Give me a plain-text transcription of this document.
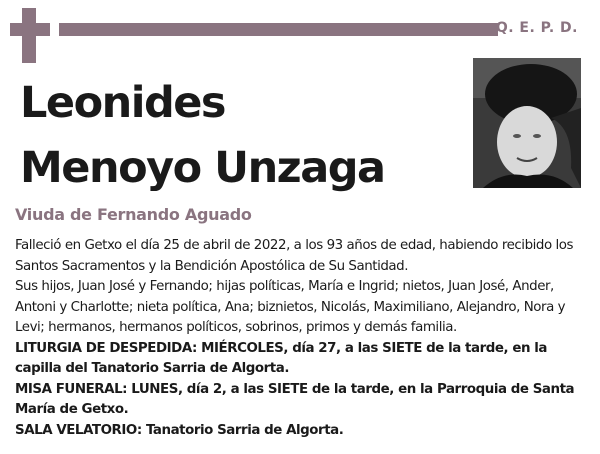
Q. E. P. D.
Leonides
Menoyo Unzaga
Viuda de Fernando Aguado

Falleció en Getxo el día 25 de abril de 2022, a los 93 años de edad, habiendo recibido los Santos Sacramentos y la Bendición Apostólica de Su Santidad.

Sus hijos, Juan José y Fernando; hijas políticas, María e Ingrid; nietos, Juan José, Ander, Antoni y Charlotte; nieta política, Ana; biznietos, Nicolás, Maximiliano, Alejandro, Nora y Levi; hermanos, hermanos políticos, sobrinos, primos y demás familia.

LITURGIA DE DESPEDIDA: MIÉRCOLES, día 27, a las SIETE de la tarde, en la capilla del Tanatorio Sarria de Algorta.

MISA FUNERAL: LUNES, día 2, a las SIETE de la tarde, en la Parroquia de Santa María de Getxo.

SALA VELATORIO: Tanatorio Sarria de Algorta.
